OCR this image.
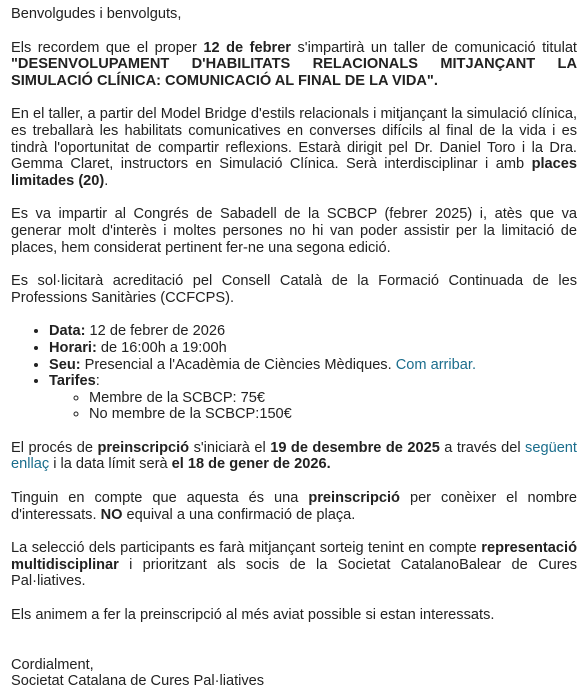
Benvolgudes i benvolguts,

Els recordem que el proper 12 de febrer s'impartirà un taller de comunicació titulat "DESENVOLUPAMENT D'HABILITATS RELACIONALS MITJANÇANT LA SIMULACIÓ CLÍNICA: COMUNICACIÓ AL FINAL DE LA VIDA".

En el taller, a partir del Model Bridge d'estils relacionals i mitjançant la simulació clínica, es treballarà les habilitats comunicatives en converses difícils al final de la vida i es tindrà l'oportunitat de compartir reflexions. Estarà dirigit pel Dr. Daniel Toro i la Dra. Gemma Claret, instructors en Simulació Clínica. Serà interdisciplinar i amb places limitades (20).

Es va impartir al Congrés de Sabadell de la SCBCP (febrer 2025) i, atès que va generar molt d'interès i moltes persones no hi van poder assistir per la limitació de places, hem considerat pertinent fer-ne una segona edició.

Es sol·licitarà acreditació pel Consell Català de la Formació Continuada de les Professions Sanitàries (CCFCPS).

• Data: 12 de febrer de 2026
• Horari: de 16:00h a 19:00h
• Seu: Presencial a l'Acadèmia de Ciències Mèdiques. Com arribar.
• Tarifes:
◦ Membre de la SCBCP: 75€
◦ No membre de la SCBCP:150€

El procés de preinscripció s'iniciarà el 19 de desembre de 2025 a través del següent enllaç i la data límit serà el 18 de gener de 2026.

Tinguin en compte que aquesta és una preinscripció per conèixer el nombre d'interessats. NO equival a una confirmació de plaça.

La selecció dels participants es farà mitjançant sorteig tenint en compte representació multidisciplinar i prioritzant als socis de la Societat CatalanoBalear de Cures Pal·liatives.

Els animem a fer la preinscripció al més aviat possible si estan interessats.

Cordialment,
Societat Catalana de Cures Pal·liatives
